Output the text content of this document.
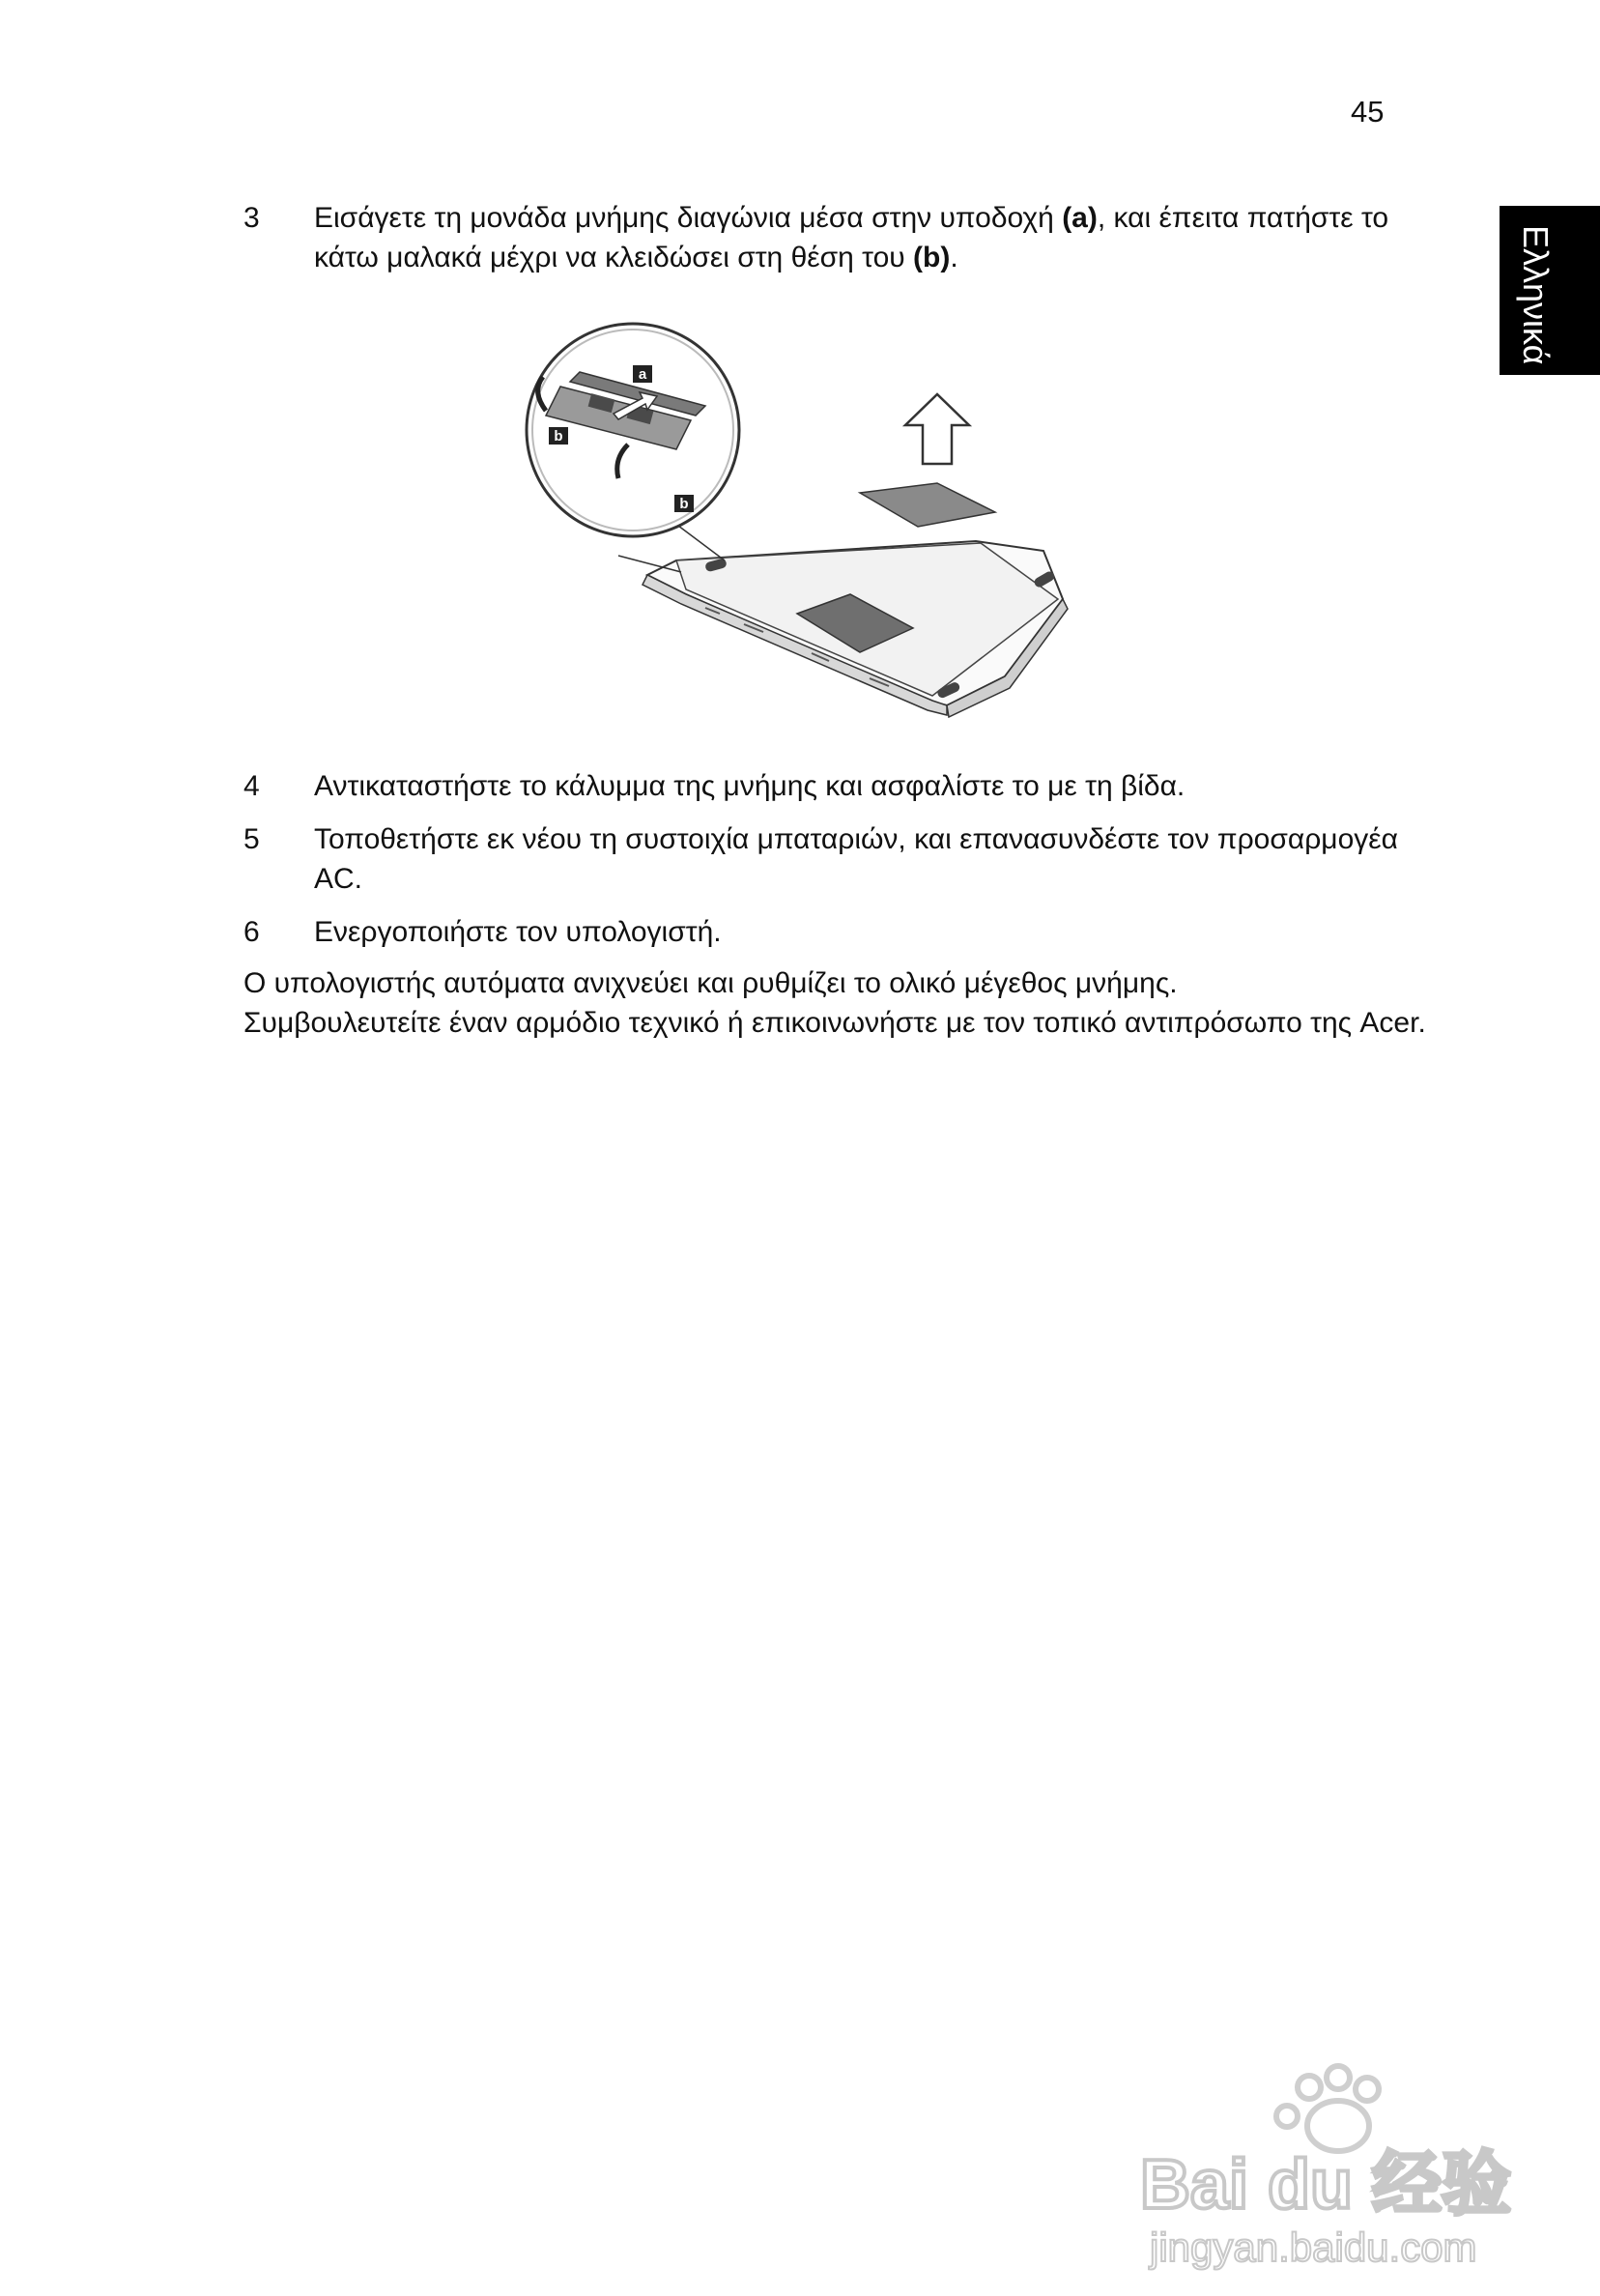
45
Ελληνικά
3 Εισάγετε τη μονάδα μνήμης διαγώνια μέσα στην υποδοχή (a), και έπειτα πατήστε το κάτω μαλακά μέχρι να κλειδώσει στη θέση του (b).
a
b
b
4 Αντικαταστήστε το κάλυμμα της μνήμης και ασφαλίστε το με τη βίδα.
5 Τοποθετήστε εκ νέου τη συστοιχία μπαταριών, και επανασυνδέστε τον προσαρμογέα AC.
6 Ενεργοποιήστε τον υπολογιστή.

Ο υπολογιστής αυτόματα ανιχνεύει και ρυθμίζει το ολικό μέγεθος μνήμης.

Συμβουλευτείτε έναν αρμόδιο τεχνικό ή επικοινωνήστε με τον τοπικό αντιπρόσωπο της Acer.

Bai du 经验
jingyan.baidu.com
